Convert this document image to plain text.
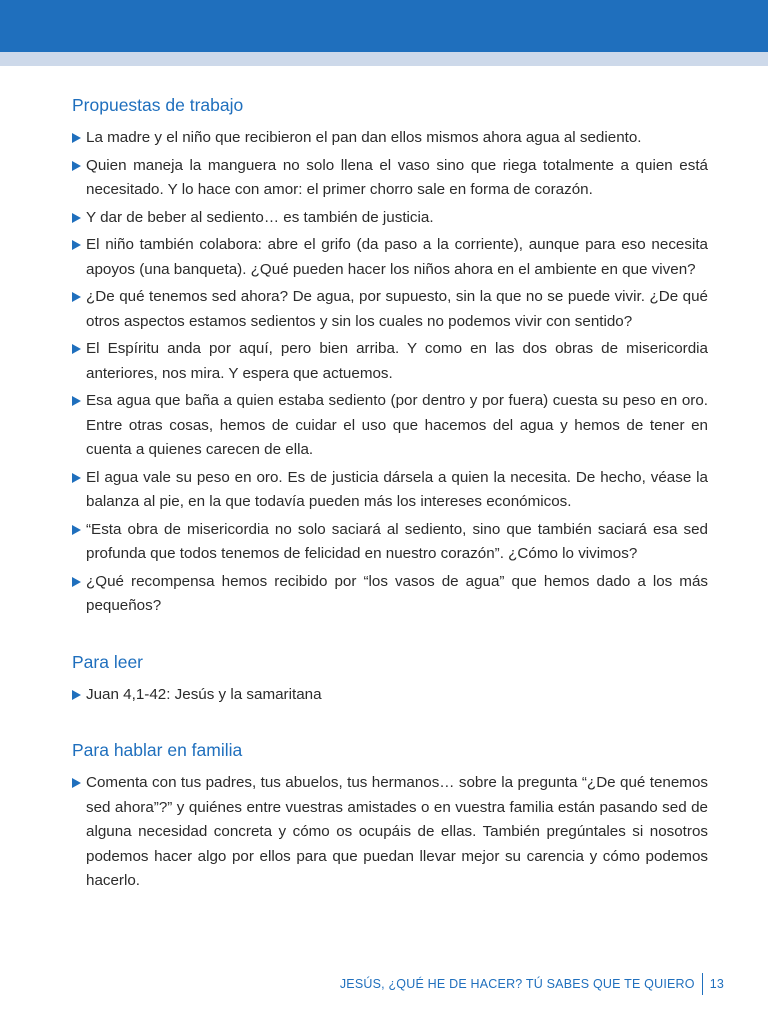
Propuestas de trabajo
La madre y el niño que recibieron el pan dan ellos mismos ahora agua al sediento.
Quien maneja la manguera no solo llena el vaso sino que riega totalmente a quien está necesitado. Y lo hace con amor: el primer chorro sale en forma de corazón.
Y dar de beber al sediento… es también de justicia.
El niño también colabora: abre el grifo (da paso a la corriente), aunque para eso necesita apoyos (una banqueta). ¿Qué pueden hacer los niños ahora en el ambiente en que viven?
¿De qué tenemos sed ahora? De agua, por supuesto, sin la que no se puede vivir. ¿De qué otros aspectos estamos sedientos y sin los cuales no podemos vivir con sentido?
El Espíritu anda por aquí, pero bien arriba. Y como en las dos obras de misericordia anteriores, nos mira. Y espera que actuemos.
Esa agua que baña a quien estaba sediento (por dentro y por fuera) cuesta su peso en oro. Entre otras cosas, hemos de cuidar el uso que hacemos del agua y hemos de tener en cuenta a quienes carecen de ella.
El agua vale su peso en oro. Es de justicia dársela a quien la necesita. De hecho, véase la balanza al pie, en la que todavía pueden más los intereses económicos.
“Esta obra de misericordia no solo saciará al sediento, sino que también saciará esa sed profunda que todos tenemos de felicidad en nuestro corazón”. ¿Cómo lo vivimos?
¿Qué recompensa hemos recibido por “los vasos de agua” que hemos dado a los más pequeños?
Para leer
Juan 4,1-42: Jesús y la samaritana
Para hablar en familia
Comenta con tus padres, tus abuelos, tus hermanos… sobre la pregunta “¿De qué tenemos sed ahora”?” y quiénes entre vuestras amistades o en vuestra familia están pasando sed de alguna necesidad concreta y cómo os ocupáis de ellas. También pregúntales si nosotros podemos hacer algo por ellos para que puedan llevar mejor su carencia y cómo podemos hacerlo.
JESÚS, ¿QUÉ HE DE HACER? TÚ SABES QUE TE QUIERO 13
